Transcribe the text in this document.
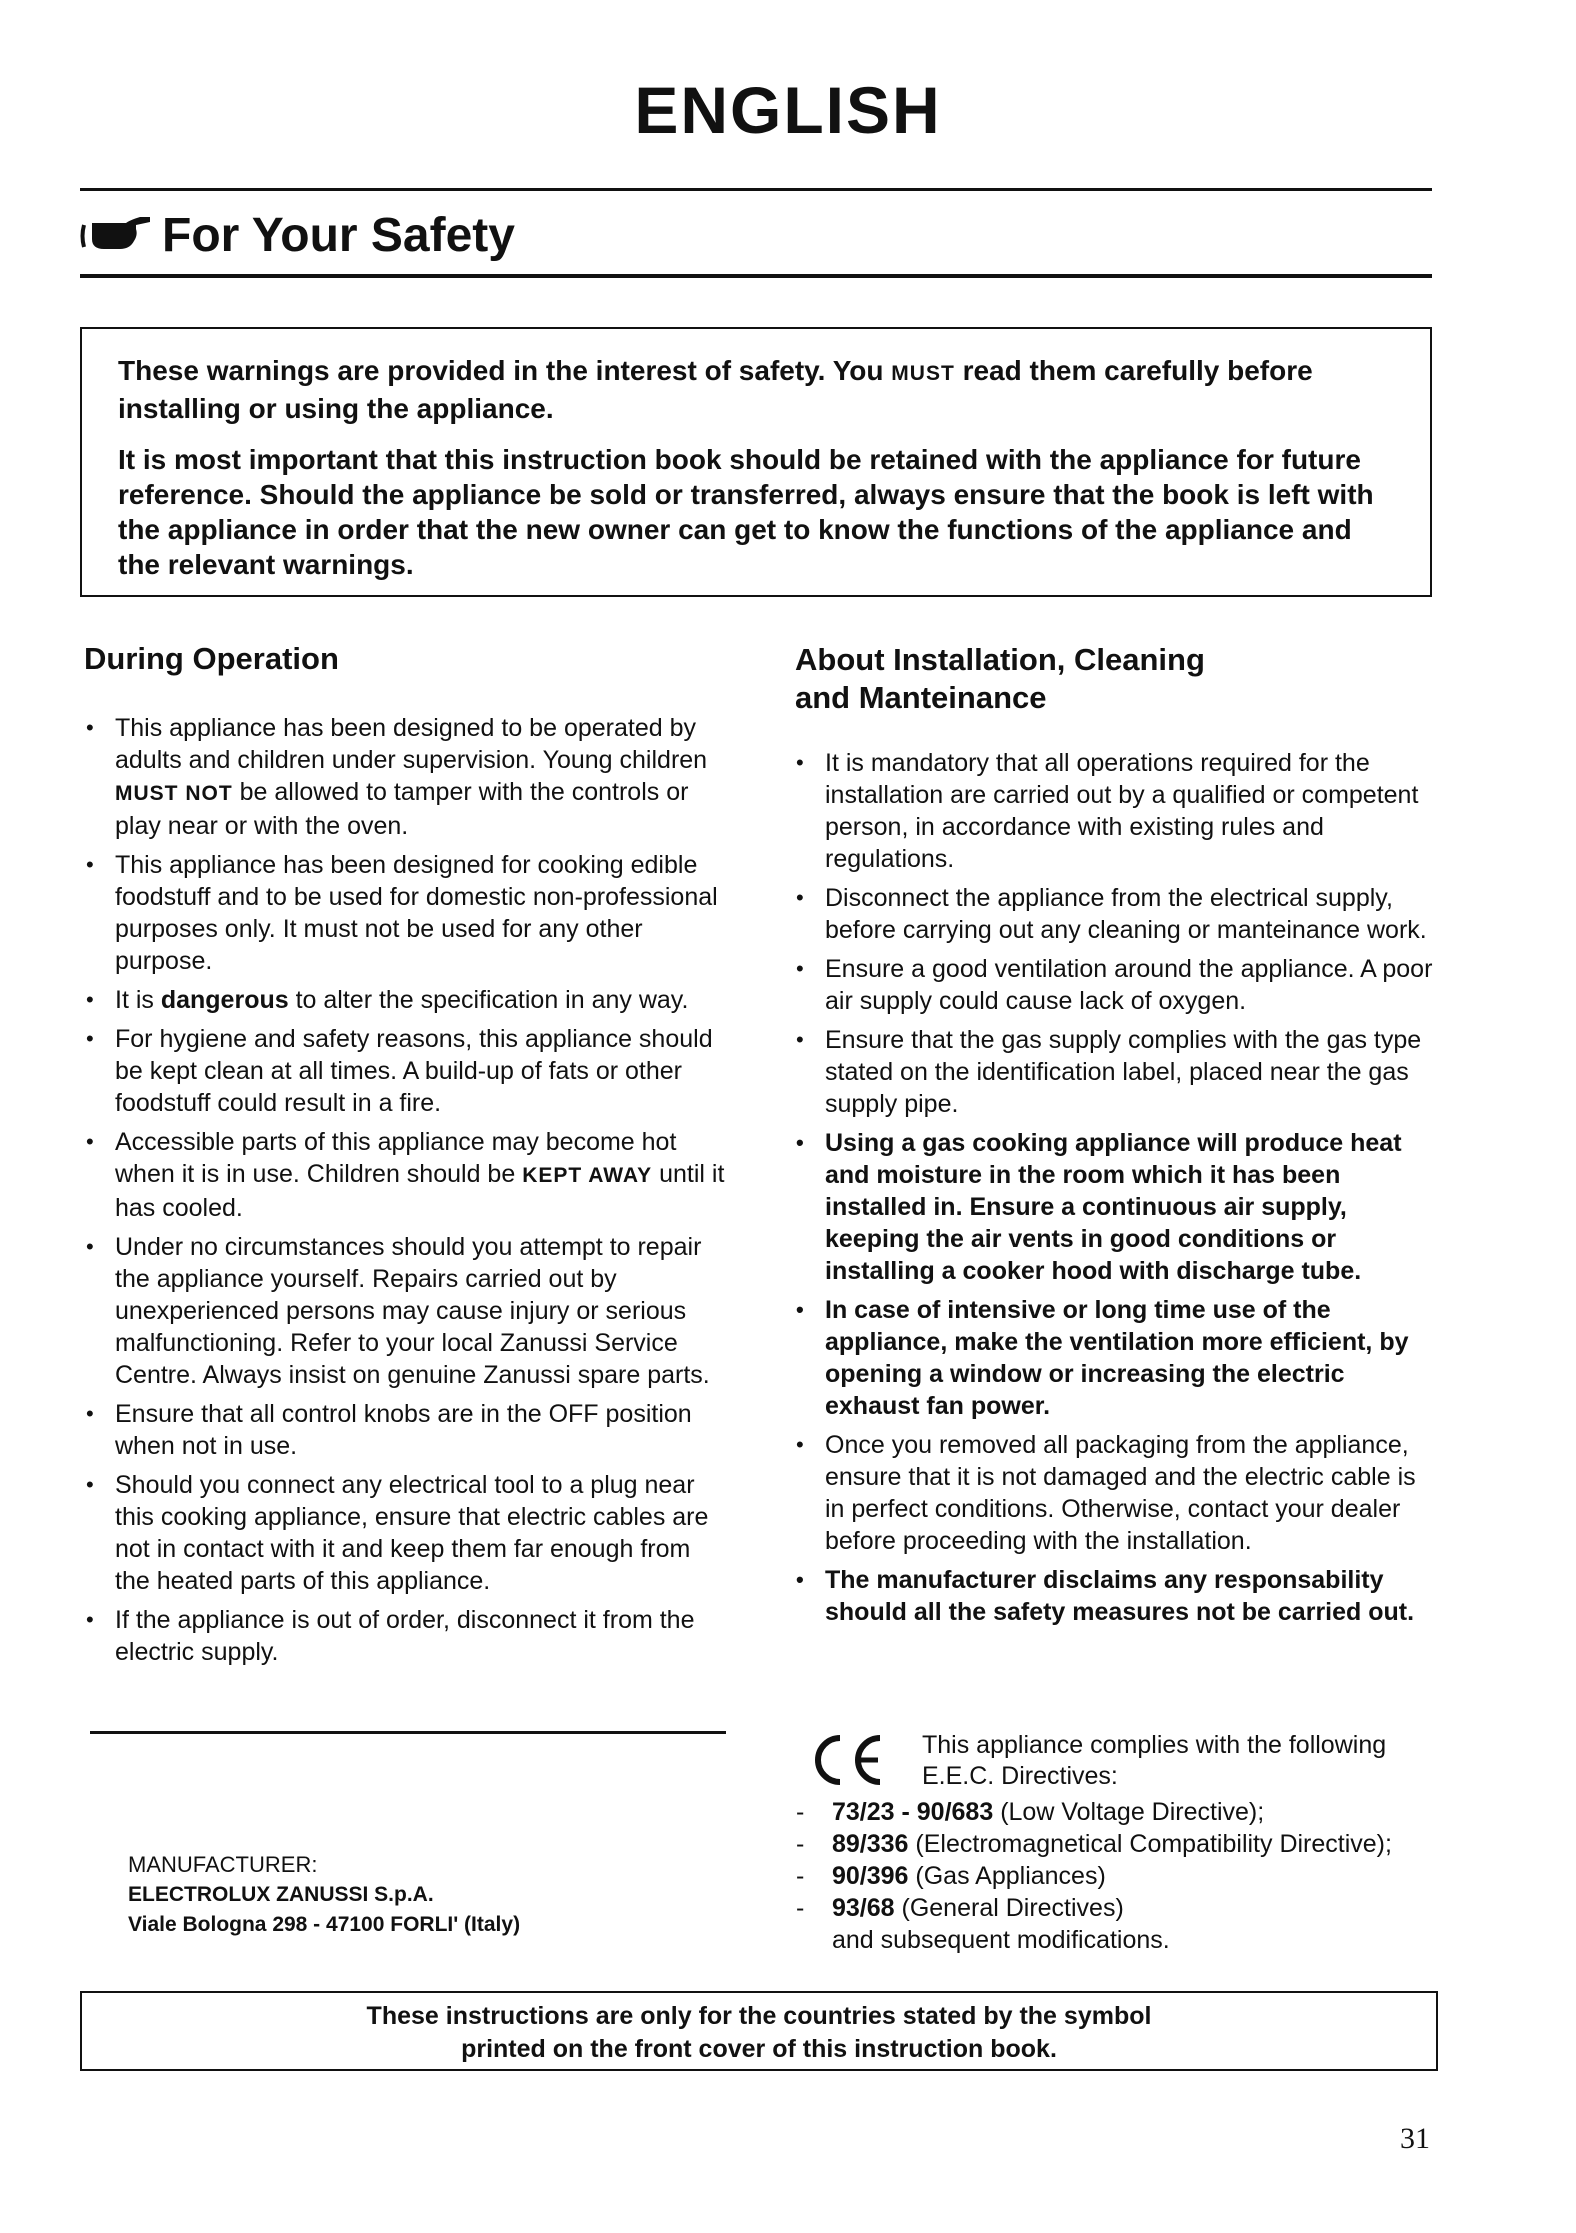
ENGLISH
For Your Safety

These warnings are provided in the interest of safety. You MUST read them carefully before installing or using the appliance.

It is most important that this instruction book should be retained with the appliance for future reference. Should the appliance be sold or transferred, always ensure that the book is left with the appliance in order that the new owner can get to know the functions of the appliance and the relevant warnings.

During Operation
• This appliance has been designed to be operated by adults and children under supervision. Young children MUST NOT be allowed to tamper with the controls or play near or with the oven.
• This appliance has been designed for cooking edible foodstuff and to be used for domestic non-professional purposes only. It must not be used for any other purpose.
• It is dangerous to alter the specification in any way.
• For hygiene and safety reasons, this appliance should be kept clean at all times. A build-up of fats or other foodstuff could result in a fire.
• Accessible parts of this appliance may become hot when it is in use. Children should be KEPT AWAY until it has cooled.
• Under no circumstances should you attempt to repair the appliance yourself. Repairs carried out by unexperienced persons may cause injury or serious malfunctioning. Refer to your local Zanussi Service Centre. Always insist on genuine Zanussi spare parts.
• Ensure that all control knobs are in the OFF position when not in use.
• Should you connect any electrical tool to a plug near this cooking appliance, ensure that electric cables are not in contact with it and keep them far enough from the heated parts of this appliance.
• If the appliance is out of order, disconnect it from the electric supply.
About Installation, Cleaning
and Manteinance
• It is mandatory that all operations required for the installation are carried out by a qualified or competent person, in accordance with existing rules and regulations.
• Disconnect the appliance from the electrical supply, before carrying out any cleaning or manteinance work.
• Ensure a good ventilation around the appliance. A poor air supply could cause lack of oxygen.
• Ensure that the gas supply complies with the gas type stated on the identification label, placed near the gas supply pipe.
• Using a gas cooking appliance will produce heat and moisture in the room which it has been installed in. Ensure a continuous air supply, keeping the air vents in good conditions or installing a cooker hood with discharge tube.
• In case of intensive or long time use of the appliance, make the ventilation more efficient, by opening a window or increasing the electric exhaust fan power.
• Once you removed all packaging from the appliance, ensure that it is not damaged and the electric cable is in perfect conditions. Otherwise, contact your dealer before proceeding with the installation.
• The manufacturer disclaims any responsability should all the safety measures not be carried out.
MANUFACTURER:
ELECTROLUX ZANUSSI S.p.A.
Viale Bologna 298 - 47100 FORLI' (Italy)
This appliance complies with the following E.E.C. Directives:
- 73/23 - 90/683 (Low Voltage Directive);
- 89/336 (Electromagnetical Compatibility Directive);
- 90/396 (Gas Appliances)
- 93/68 (General Directives)
and subsequent modifications.
These instructions are only for the countries stated by the symbol
printed on the front cover of this instruction book.
31
